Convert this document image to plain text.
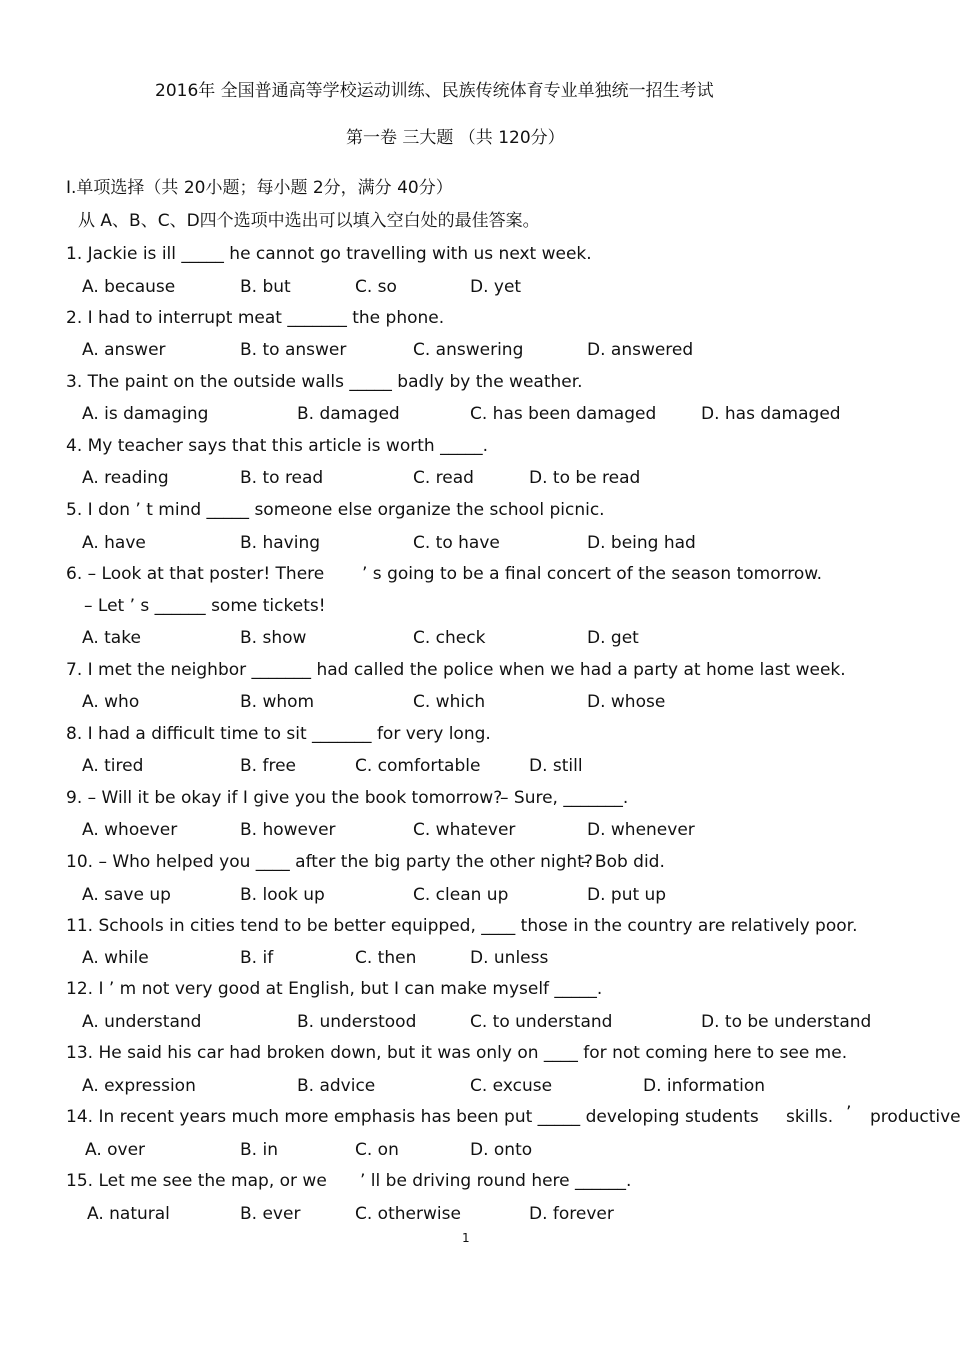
2016年 全国普通高等学校运动训练、民族传统体育专业单独统一招生考试
第一卷 三大题 （共 120分）
I.单项选择（共 20小题；每小题 2分，满分 40分）
从 A、B、C、D四个选项中选出可以填入空白处的最佳答案。
1. Jackie is ill _____ he cannot go travelling with us next week.
A. because	B. but	C. so	D. yet
2. I had to interrupt meat _______ the phone.
A. answer	B. to answer	C. answering	D. answered
3. The paint on the outside walls _____ badly by the weather.
A. is damaging	B. damaged	C. has been damaged	D. has damaged
4. My teacher says that this article is worth _____.
A. reading	B. to read	C. read	D. to be read
5. I don ’ t mind _____ someone else organize the school picnic.
A. have	B. having	C. to have	D. being had
6. – Look at that poster! There ’ s going to be a final concert of the season tomorrow.
– Let ’ s ______ some tickets!
A. take	B. show	C. check	D. get
7. I met the neighbor _______ had called the police when we had a party at home last week.
A. who	B. whom	C. which	D. whose
8. I had a difficult time to sit _______ for very long.
A. tired	B. free	C. comfortable	D. still
9. – Will it be okay if I give you the book tomorrow?
– Sure, _______.
A. whoever	B. however	C. whatever	D. whenever
10. – Who helped you ____ after the big party the other night?
– Bob did.
A. save up	B. look up	C. clean up	D. put up
11. Schools in cities tend to be better equipped, ____ those in the country are relatively poor.
A. while	B. if	C. then	D. unless
12. I ’ m not very good at English, but I can make myself _____.
A. understand	B. understood	C. to understand	D. to be understand
13. He said his car had broken down, but it was only on ____ for not coming here to see me.
A. expression	B. advice	C. excuse	D. information
14. In recent years much more emphasis has been put _____ developing students skills. ’ productive
A. over	B. in	C. on	D. onto
15. Let me see the map, or we ’ ll be driving round here ______.
A. natural	B. ever	C. otherwise	D. forever
1
